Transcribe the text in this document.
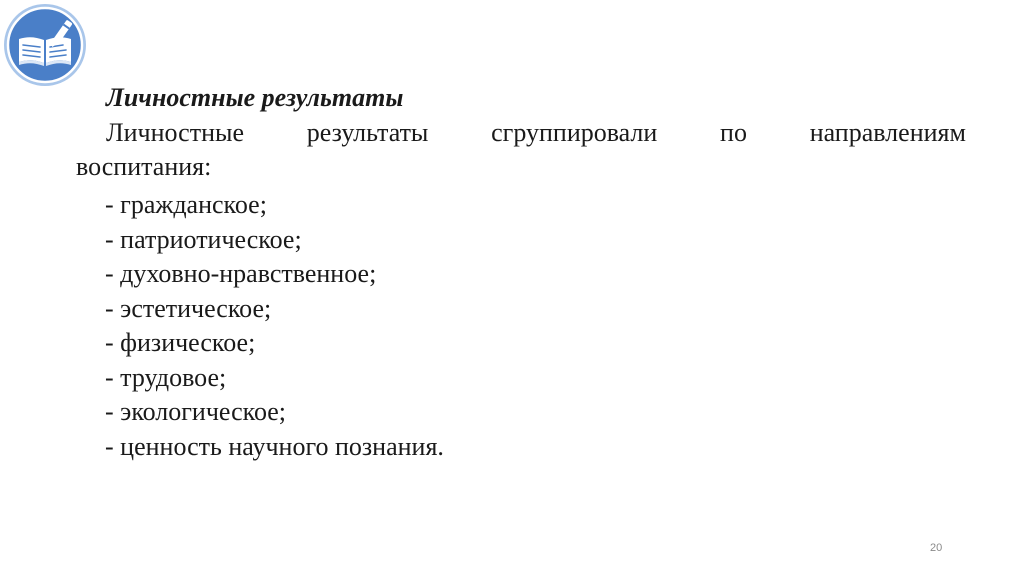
Личностные результаты
Личностные результаты сгруппировали по направлениям
воспитания:
- гражданское;
- патриотическое;
- духовно-нравственное;
- эстетическое;
- физическое;
- трудовое;
- экологическое;
- ценность научного познания.
20
